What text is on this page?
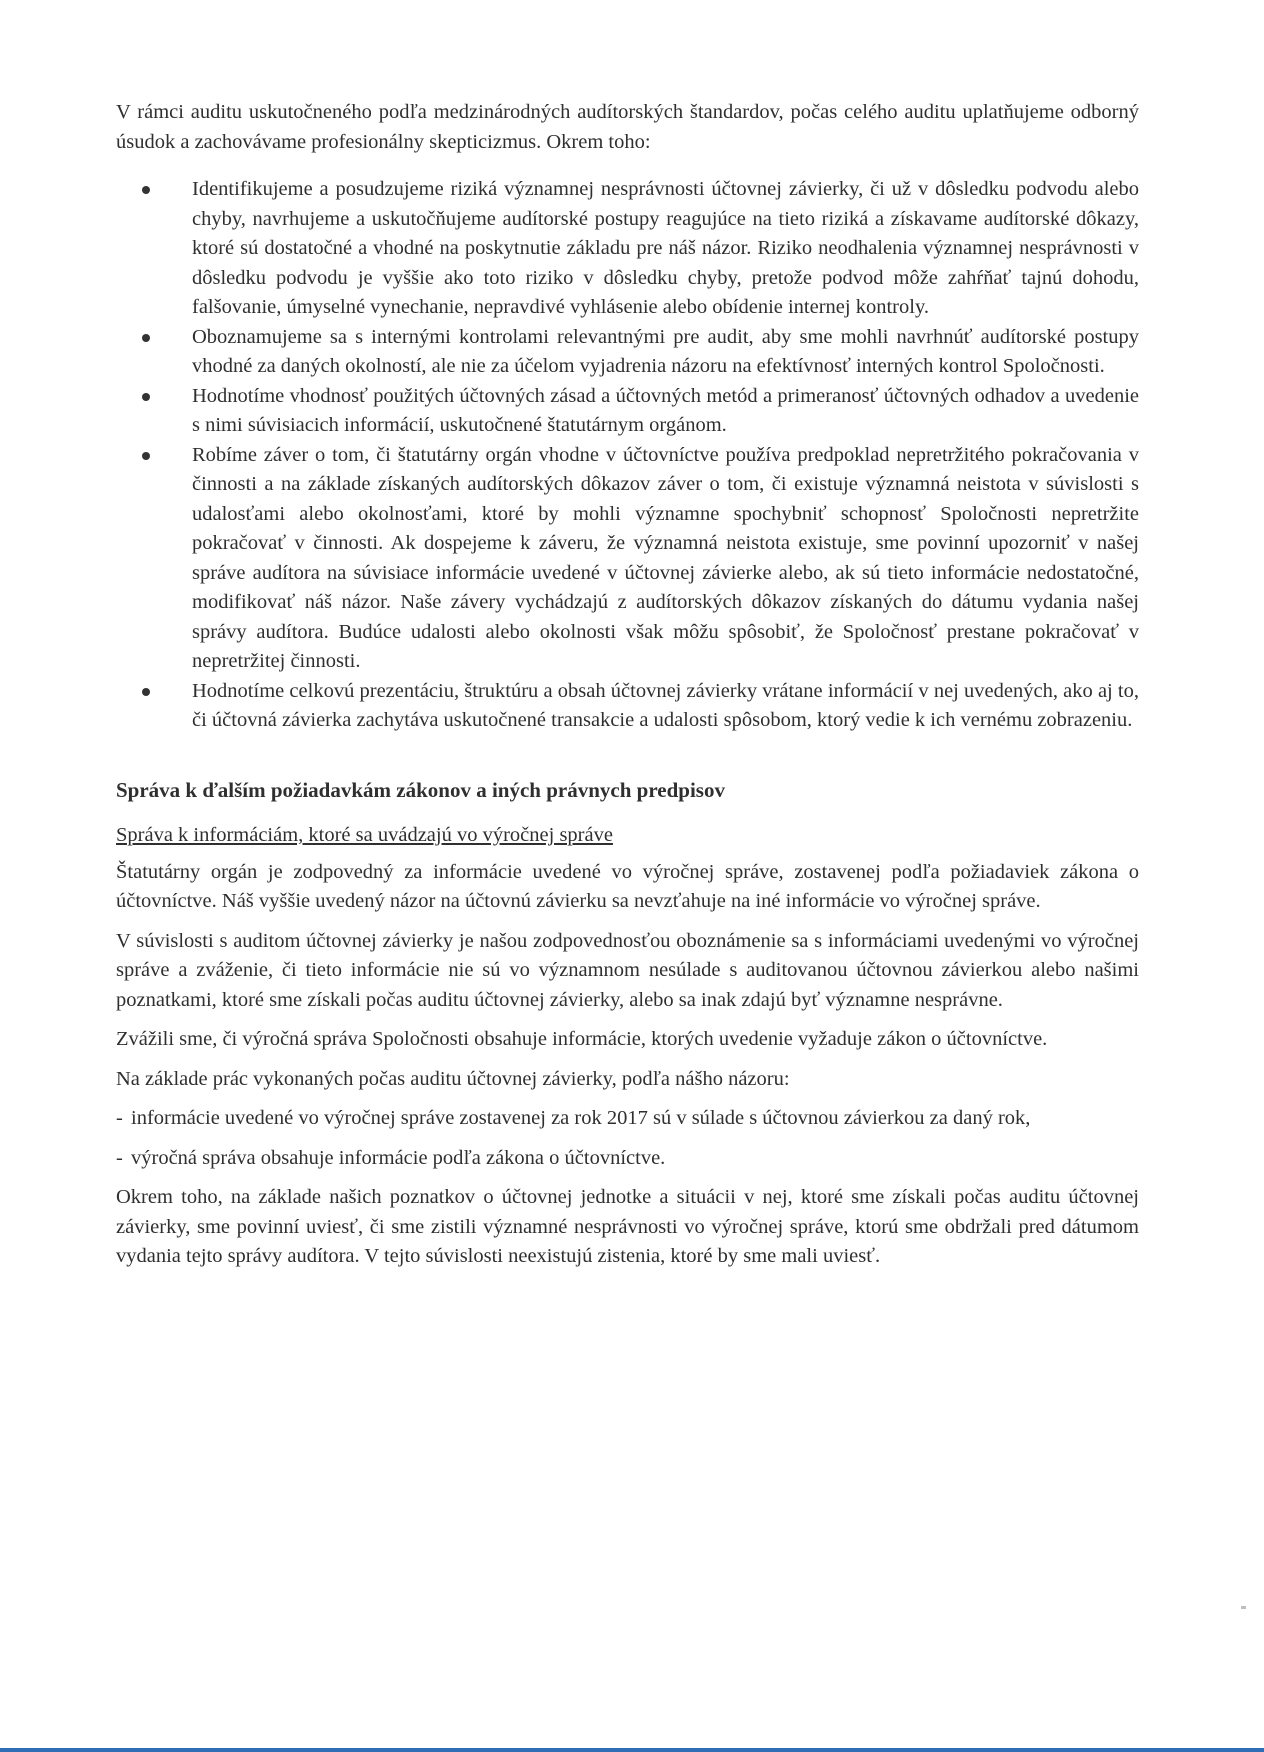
V rámci auditu uskutočneného podľa medzinárodných audítorských štandardov, počas celého auditu uplatňujeme odborný úsudok a zachovávame profesionálny skepticizmus. Okrem toho:

Identifikujeme a posudzujeme riziká významnej nesprávnosti účtovnej závierky, či už v dôsledku podvodu alebo chyby, navrhujeme a uskutočňujeme audítorské postupy reagujúce na tieto riziká a získavame audítorské dôkazy, ktoré sú dostatočné a vhodné na poskytnutie základu pre náš názor. Riziko neodhalenia významnej nesprávnosti v dôsledku podvodu je vyššie ako toto riziko v dôsledku chyby, pretože podvod môže zahŕňať tajnú dohodu, falšovanie, úmyselné vynechanie, nepravdivé vyhlásenie alebo obídenie internej kontroly.
Oboznamujeme sa s internými kontrolami relevantnými pre audit, aby sme mohli navrhnúť audítorské postupy vhodné za daných okolností, ale nie za účelom vyjadrenia názoru na efektívnosť interných kontrol Spoločnosti.
Hodnotíme vhodnosť použitých účtovných zásad a účtovných metód a primeranosť účtovných odhadov a uvedenie s nimi súvisiacich informácií, uskutočnené štatutárnym orgánom.
Robíme záver o tom, či štatutárny orgán vhodne v účtovníctve používa predpoklad nepretržitého pokračovania v činnosti a na základe získaných audítorských dôkazov záver o tom, či existuje významná neistota v súvislosti s udalosťami alebo okolnosťami, ktoré by mohli významne spochybniť schopnosť Spoločnosti nepretržite pokračovať v činnosti. Ak dospejeme k záveru, že významná neistota existuje, sme povinní upozorniť v našej správe audítora na súvisiace informácie uvedené v účtovnej závierke alebo, ak sú tieto informácie nedostatočné, modifikovať náš názor. Naše závery vychádzajú z audítorských dôkazov získaných do dátumu vydania našej správy audítora. Budúce udalosti alebo okolnosti však môžu spôsobiť, že Spoločnosť prestane pokračovať v nepretržitej činnosti.
Hodnotíme celkovú prezentáciu, štruktúru a obsah účtovnej závierky vrátane informácií v nej uvedených, ako aj to, či účtovná závierka zachytáva uskutočnené transakcie a udalosti spôsobom, ktorý vedie k ich vernému zobrazeniu.
Správa k ďalším požiadavkám zákonov a iných právnych predpisov
Správa k informáciám, ktoré sa uvádzajú vo výročnej správe

Štatutárny orgán je zodpovedný za informácie uvedené vo výročnej správe, zostavenej podľa požiadaviek zákona o účtovníctve. Náš vyššie uvedený názor na účtovnú závierku sa nevzťahuje na iné informácie vo výročnej správe.

V súvislosti s auditom účtovnej závierky je našou zodpovednosťou oboznámenie sa s informáciami uvedenými vo výročnej správe a zváženie, či tieto informácie nie sú vo významnom nesúlade s auditovanou účtovnou závierkou alebo našimi poznatkami, ktoré sme získali počas auditu účtovnej závierky, alebo sa inak zdajú byť významne nesprávne.

Zvážili sme, či výročná správa Spoločnosti obsahuje informácie, ktorých uvedenie vyžaduje zákon o účtovníctve.

Na základe prác vykonaných počas auditu účtovnej závierky, podľa nášho názoru:

- informácie uvedené vo výročnej správe zostavenej za rok 2017 sú v súlade s účtovnou závierkou za daný rok,
- výročná správa obsahuje informácie podľa zákona o účtovníctve.

Okrem toho, na základe našich poznatkov o účtovnej jednotke a situácii v nej, ktoré sme získali počas auditu účtovnej závierky, sme povinní uviesť, či sme zistili významné nesprávnosti vo výročnej správe, ktorú sme obdržali pred dátumom vydania tejto správy audítora. V tejto súvislosti neexistujú zistenia, ktoré by sme mali uviesť.
